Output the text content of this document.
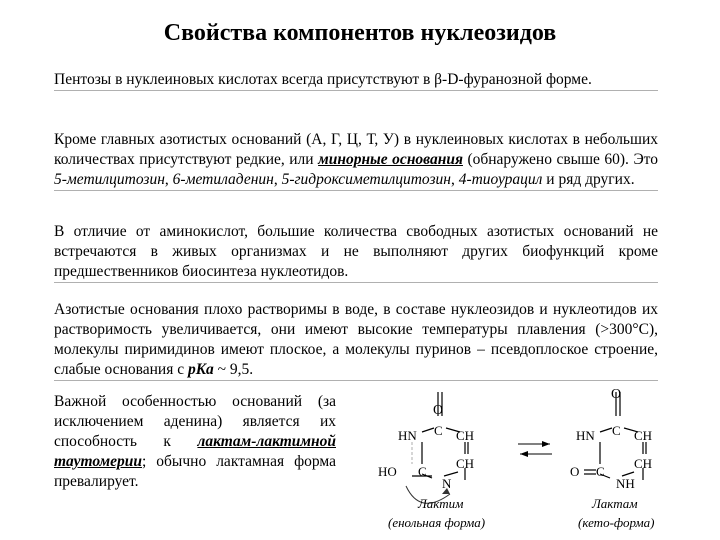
Свойства компонентов нуклеозидов
Пентозы в нуклеиновых кислотах всегда присутствуют в β-D-фуранозной форме.
Кроме главных азотистых оснований (А, Г, Ц, Т, У) в нуклеиновых кислотах в небольших количествах присутствуют редкие, или минорные основания (обнаружено свыше 60). Это 5-метилцитозин, 6-метиладенин, 5-гидроксиметилцитозин, 4-тиоурацил и ряд других.
В отличие от аминокислот, большие количества свободных азотистых оснований не встречаются в живых организмах и не выполняют других биофункций кроме предшественников биосинтеза нуклеотидов.
Азотистые основания плохо растворимы в воде, в составе нуклеозидов и нуклеотидов их растворимость увеличивается, они имеют высокие температуры плавления (>300°С), молекулы пиримидинов имеют плоское, а молекулы пуринов – псевдоплоское строение, слабые основания с pKa ~ 9,5.
Важной особенностью оснований (за исключением аденина) является их способность к лактам-лактимной таутомерии; обычно лактамная форма превалирует.
O
C
HN	CH
CH
C
N
HO
Лактим
(енольная форма)
O
C
HN	CH
CH
C
NH
O
Лактам
(кето-форма)
